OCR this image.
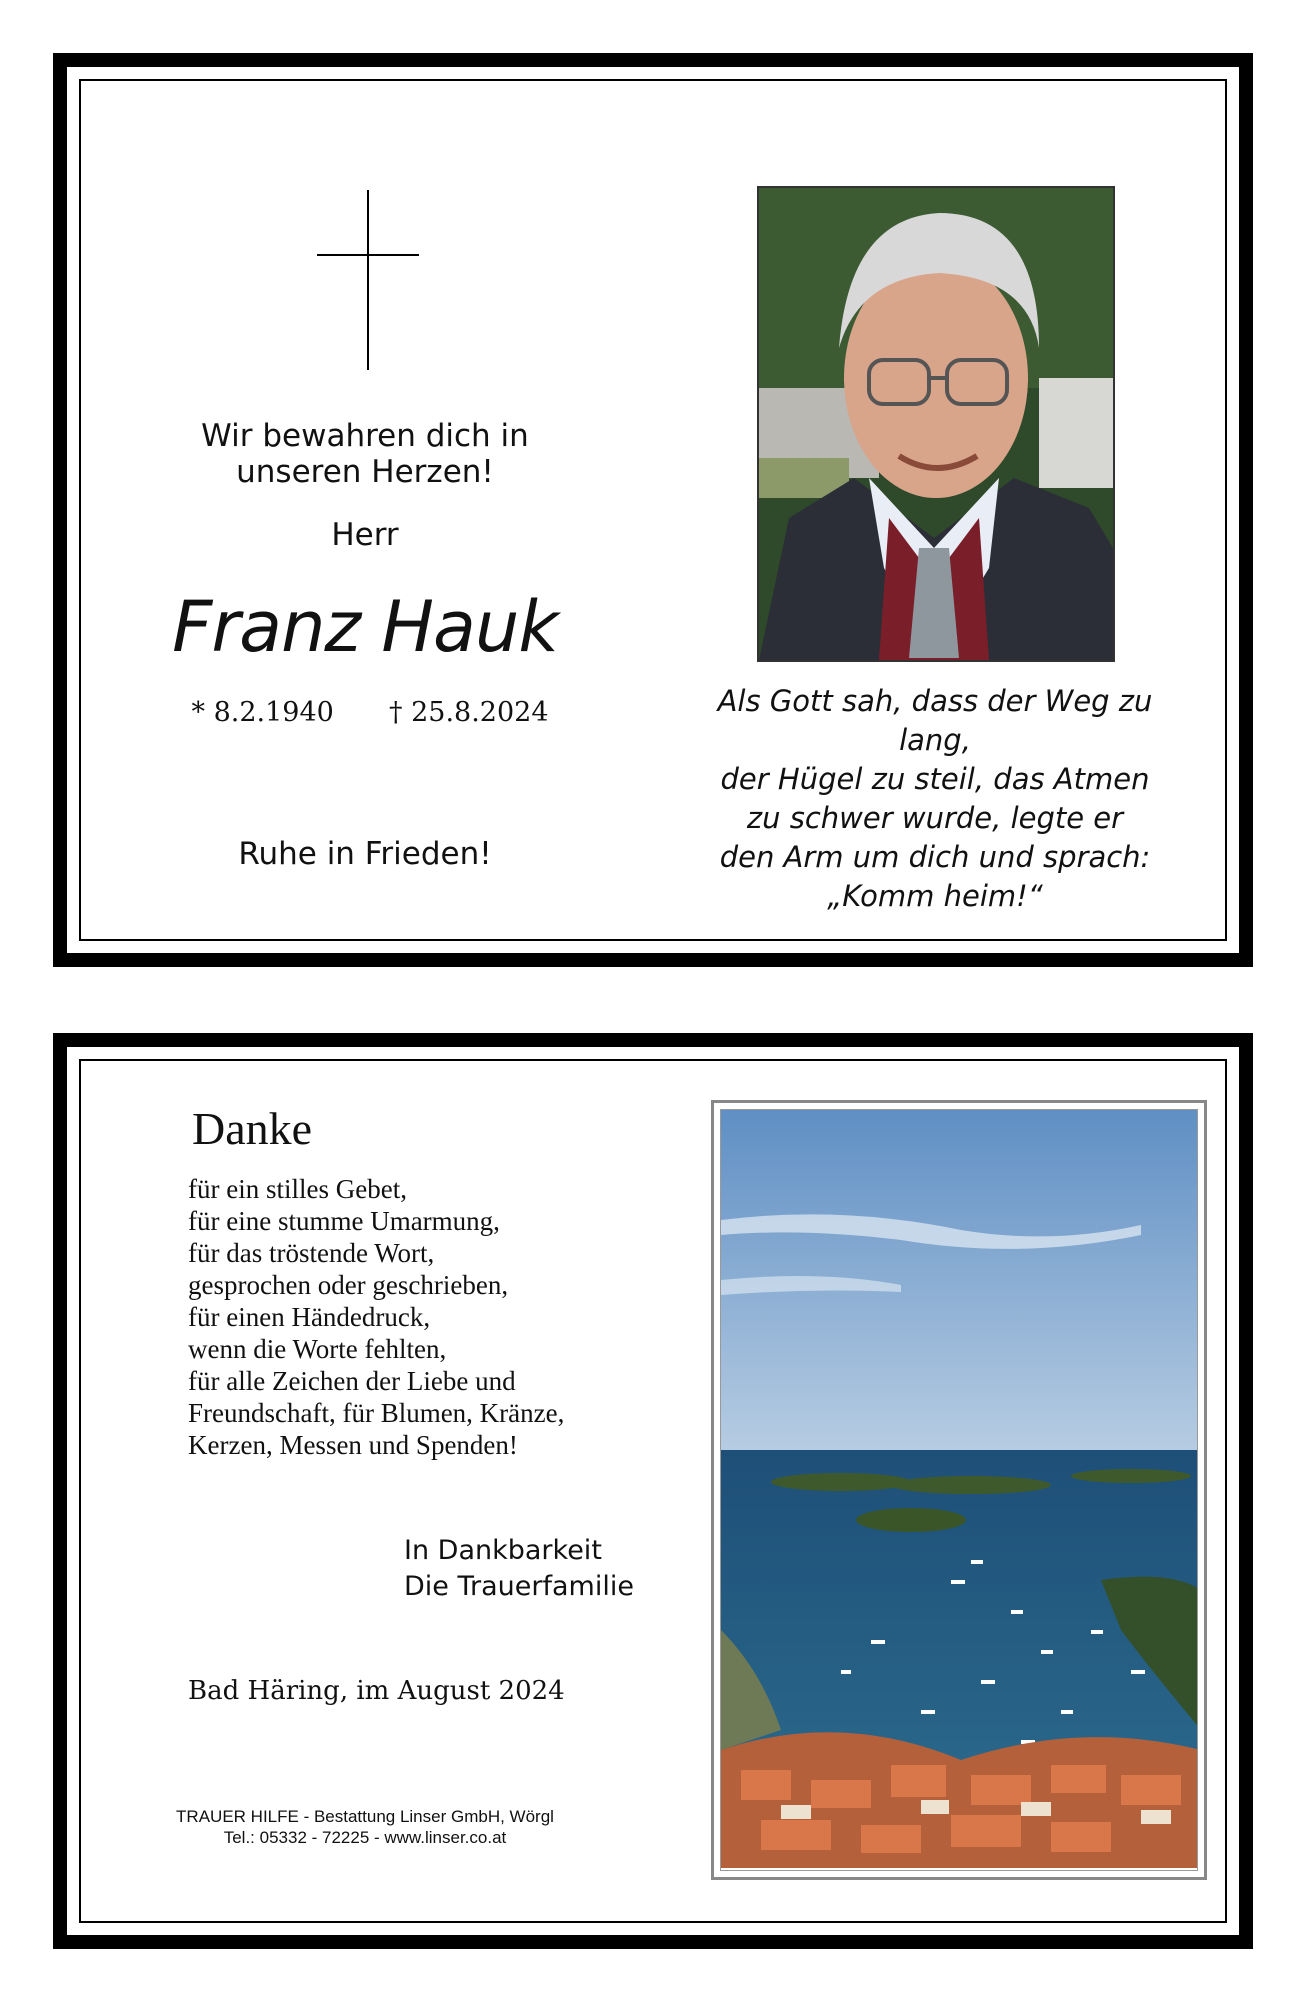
Wir bewahren dich in
unseren Herzen!
Herr
Franz Hauk
* 8.2.1940 † 25.8.2024
Ruhe in Frieden!
Als Gott sah, dass der Weg zu lang,
der Hügel zu steil, das Atmen
zu schwer wurde, legte er
den Arm um dich und sprach:
„Komm heim!“
Danke
für ein stilles Gebet,
für eine stumme Umarmung,
für das tröstende Wort,
gesprochen oder geschrieben,
für einen Händedruck,
wenn die Worte fehlten,
für alle Zeichen der Liebe und
Freundschaft, für Blumen, Kränze,
Kerzen, Messen und Spenden!
In Dankbarkeit
Die Trauerfamilie
Bad Häring, im August 2024
TRAUER HILFE - Bestattung Linser GmbH, Wörgl
Tel.: 05332 - 72225 - www.linser.co.at
